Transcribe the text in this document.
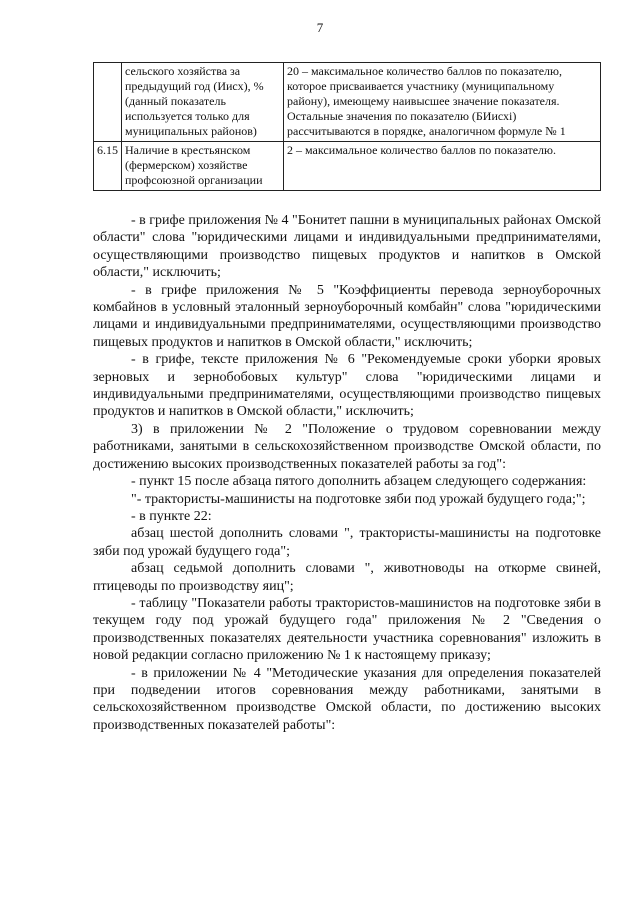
7
	сельского хозяйства за предыдущий год (Иисх), % (данный показатель используется только для муниципальных районов)	20 – максимальное количество баллов по показателю, которое присваивается участнику (муниципальному району), имеющему наивысшее значение показателя. Остальные значения по показателю (БИисхi) рассчитываются в порядке, аналогичном формуле № 1
6.15	Наличие в крестьянском (фермерском) хозяйстве профсоюзной организации	2 – максимальное количество баллов по показателю.

- в грифе приложения № 4 "Бонитет пашни в муниципальных районах Омской области" слова "юридическими лицами и индивидуальными предпринимателями, осуществляющими производство пищевых продуктов и напитков в Омской области," исключить;

- в грифе приложения № 5 "Коэффициенты перевода зерноуборочных комбайнов в условный эталонный зерноуборочный комбайн" слова "юридическими лицами и индивидуальными предпринимателями, осуществляющими производство пищевых продуктов и напитков в Омской области," исключить;

- в грифе, тексте приложения № 6 "Рекомендуемые сроки уборки яровых зерновых и зернобобовых культур" слова "юридическими лицами и индивидуальными предпринимателями, осуществляющими производство пищевых продуктов и напитков в Омской области," исключить;

3) в приложении № 2 "Положение о трудовом соревновании между работниками, занятыми в сельскохозяйственном производстве Омской области, по достижению высоких производственных показателей работы за год":

- пункт 15 после абзаца пятого дополнить абзацем следующего содержания:

"- трактористы-машинисты на подготовке зяби под урожай будущего года;";

- в пункте 22:

абзац шестой дополнить словами ", трактористы-машинисты на подготовке зяби под урожай будущего года";

абзац седьмой дополнить словами ", животноводы на откорме свиней, птицеводы по производству яиц";

- таблицу "Показатели работы трактористов-машинистов на подготовке зяби в текущем году под урожай будущего года" приложения № 2 "Сведения о производственных показателях деятельности участника соревнования" изложить в новой редакции согласно приложению № 1 к настоящему приказу;

- в приложении № 4 "Методические указания для определения показателей при подведении итогов соревнования между работниками, занятыми в сельскохозяйственном производстве Омской области, по достижению высоких производственных показателей работы":
